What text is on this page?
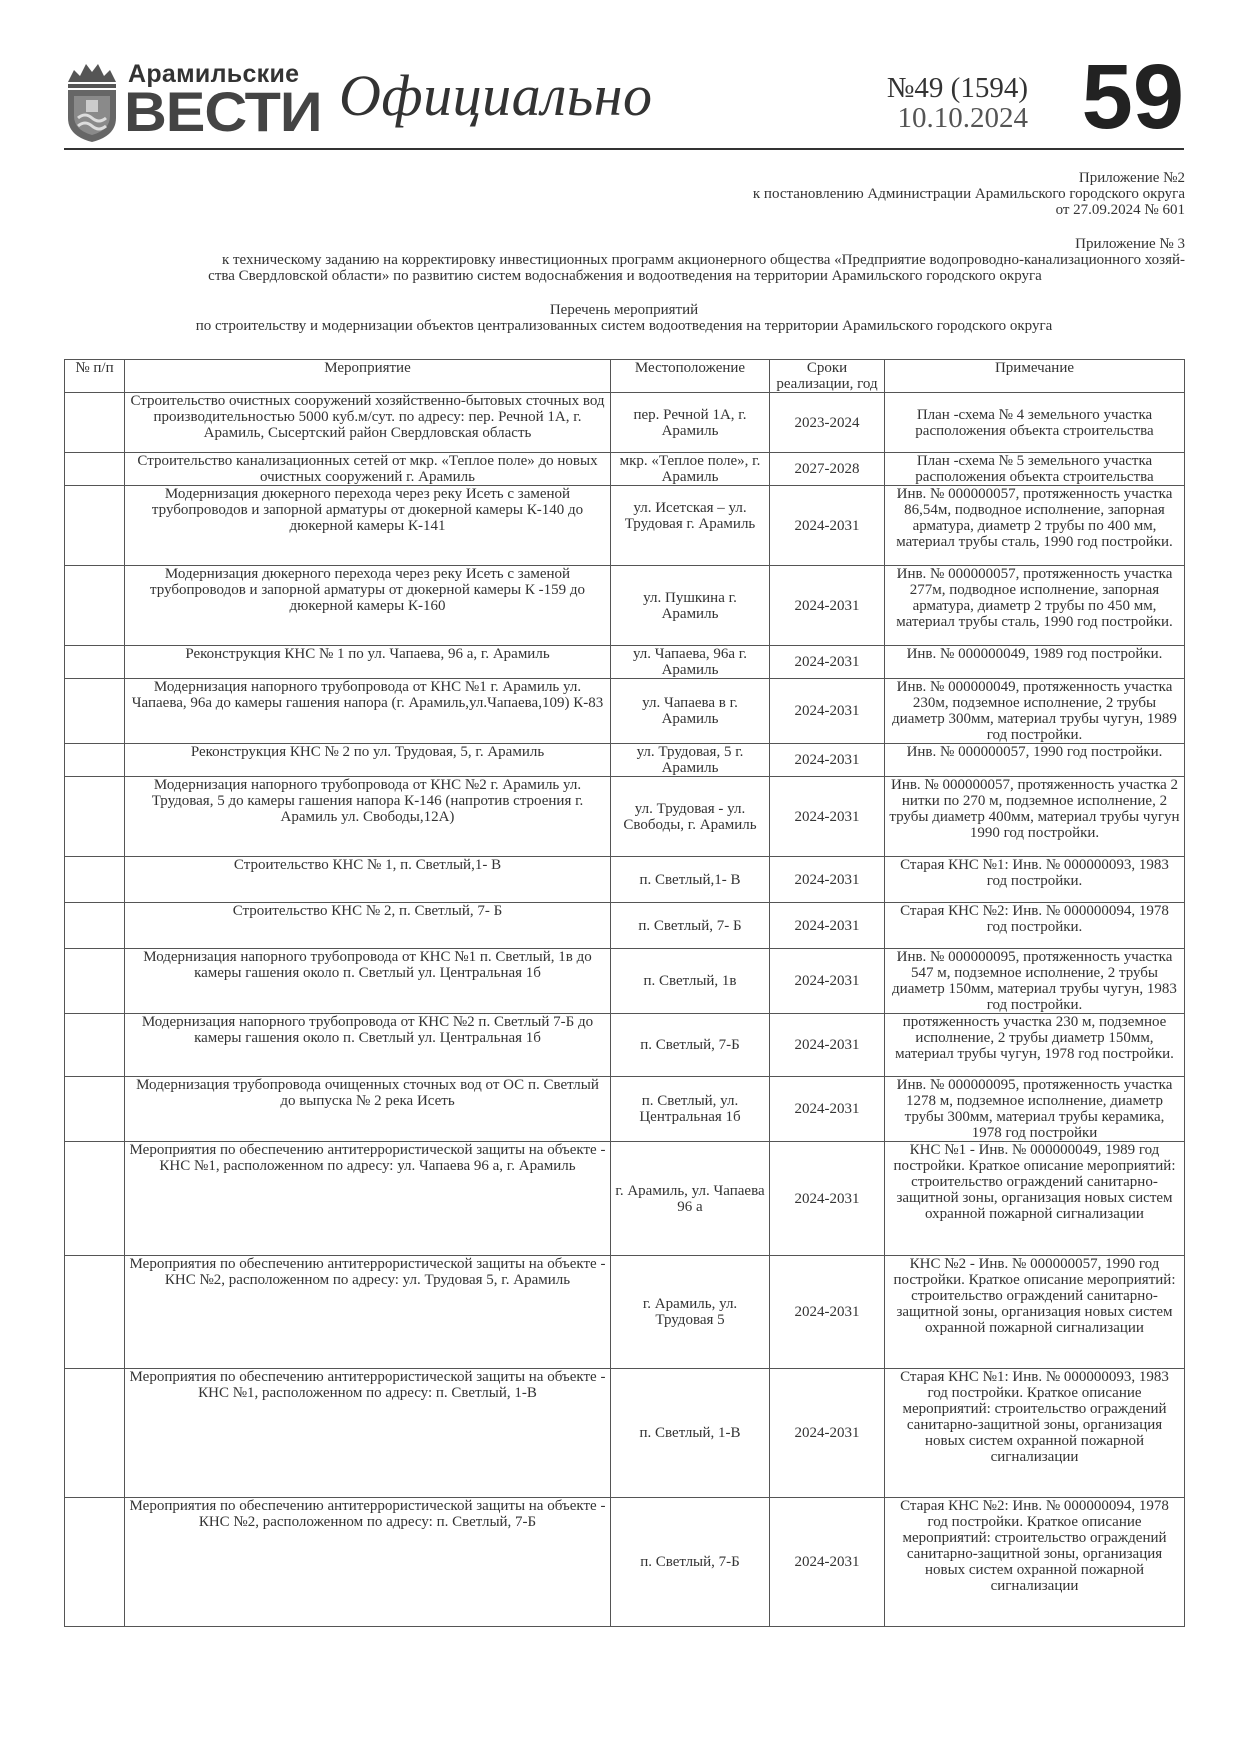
Арамильские
ВЕСТИ Официально	№49 (1594)
10.10.2024 59
Приложение №2
к постановлению Администрации Арамильского городского округа
от 27.09.2024 № 601
Приложение № 3
к техническому заданию на корректировку инвестиционных программ акционерного общества «Предприятие водопроводно-канализационного хозяй-
ства Свердловской области» по развитию систем водоснабжения и водоотведения на территории Арамильского городского округа
Перечень мероприятий
по строительству и модернизации объектов централизованных систем водоотведения на территории Арамильского городского округа
№ п/п	Мероприятие	Местоположение	Сроки реализации, год	Примечание
	Строительство очистных сооружений хозяйственно-бытовых сточных вод производительностью 5000 куб.м/сут. по адресу: пер. Речной 1А, г. Арамиль, Сысертский район Свердловская область	пер. Речной 1А, г. Арамиль	2023-2024	План -схема № 4 земельного участка расположения объекта строительства
	Строительство канализационных сетей от мкр. «Теплое поле» до новых очистных сооружений г. Арамиль	мкр. «Теплое поле», г. Арамиль	2027-2028	План -схема № 5 земельного участка расположения объекта строительства
	Модернизация дюкерного перехода через реку Исеть с заменой трубопроводов и запорной арматуры от дюкерной камеры К-140 до дюкерной камеры К-141	ул. Исетская – ул. Трудовая г. Арамиль	2024-2031	Инв. № 000000057, протяженность участка 86,54м, подводное исполнение, запорная арматура, диаметр 2 трубы по 400 мм, материал трубы сталь, 1990 год постройки.
	Модернизация дюкерного перехода через реку Исеть с заменой трубопроводов и запорной арматуры от дюкерной камеры К -159 до дюкерной камеры К-160	ул. Пушкина г. Арамиль	2024-2031	Инв. № 000000057, протяженность участка 277м, подводное исполнение, запорная арматура, диаметр 2 трубы по 450 мм, материал трубы сталь, 1990 год постройки.
	Реконструкция КНС № 1 по ул. Чапаева, 96 а, г. Арамиль	ул. Чапаева, 96а г. Арамиль	2024-2031	Инв. № 000000049, 1989 год постройки.
	Модернизация напорного трубопровода от КНС №1 г. Арамиль ул. Чапаева, 96а до камеры гашения напора (г. Арамиль,ул.Чапаева,109) К-83	ул. Чапаева в г. Арамиль	2024-2031	Инв. № 000000049, протяженность участка 230м, подземное исполнение, 2 трубы диаметр 300мм, материал трубы чугун, 1989 год постройки.
	Реконструкция КНС № 2 по ул. Трудовая, 5, г. Арамиль	ул. Трудовая, 5 г. Арамиль	2024-2031	Инв. № 000000057, 1990 год постройки.
	Модернизация напорного трубопровода от КНС №2 г. Арамиль ул. Трудовая, 5 до камеры гашения напора К-146 (напротив строения г. Арамиль ул. Свободы,12А)	ул. Трудовая - ул. Свободы, г. Арамиль	2024-2031	Инв. № 000000057, протяженность участка 2 нитки по 270 м, подземное исполнение, 2 трубы диаметр 400мм, материал трубы чугун 1990 год постройки.
	Строительство КНС № 1, п. Светлый,1- В	п. Светлый,1- В	2024-2031	Старая КНС №1: Инв. № 000000093, 1983 год постройки.
	Строительство КНС № 2, п. Светлый, 7- Б	п. Светлый, 7- Б	2024-2031	Старая КНС №2: Инв. № 000000094, 1978 год постройки.
	Модернизация напорного трубопровода от КНС №1 п. Светлый, 1в до камеры гашения около п. Светлый ул. Центральная 1б	п. Светлый, 1в	2024-2031	Инв. № 000000095, протяженность участка 547 м, подземное исполнение, 2 трубы диаметр 150мм, материал трубы чугун, 1983 год постройки.
	Модернизация напорного трубопровода от КНС №2 п. Светлый 7-Б до камеры гашения около п. Светлый ул. Центральная 1б	п. Светлый, 7-Б	2024-2031	протяженность участка 230 м, подземное исполнение, 2 трубы диаметр 150мм, материал трубы чугун, 1978 год постройки.
	Модернизация трубопровода очищенных сточных вод от ОС п. Светлый до выпуска № 2 река Исеть	п. Светлый, ул. Центральная 1б	2024-2031	Инв. № 000000095, протяженность участка 1278 м, подземное исполнение, диаметр трубы 300мм, материал трубы керамика, 1978 год постройки
	Мероприятия по обеспечению антитеррористической защиты на объекте - КНС №1, расположенном по адресу: ул. Чапаева 96 а, г. Арамиль	г. Арамиль, ул. Чапаева 96 а	2024-2031	КНС №1 - Инв. № 000000049, 1989 год постройки. Краткое описание мероприятий: строительство ограждений санитарно-защитной зоны, организация новых систем охранной пожарной сигнализации
	Мероприятия по обеспечению антитеррористической защиты на объекте - КНС №2, расположенном по адресу: ул. Трудовая 5, г. Арамиль	г. Арамиль, ул. Трудовая 5	2024-2031	КНС №2 - Инв. № 000000057, 1990 год постройки. Краткое описание мероприятий: строительство ограждений санитарно-защитной зоны, организация новых систем охранной пожарной сигнализации
	Мероприятия по обеспечению антитеррористической защиты на объекте - КНС №1, расположенном по адресу: п. Светлый, 1-В	п. Светлый, 1-В	2024-2031	Старая КНС №1: Инв. № 000000093, 1983 год постройки. Краткое описание мероприятий: строительство ограждений санитарно-защитной зоны, организация новых систем охранной пожарной сигнализации
	Мероприятия по обеспечению антитеррористической защиты на объекте - КНС №2, расположенном по адресу: п. Светлый, 7-Б	п. Светлый, 7-Б	2024-2031	Старая КНС №2: Инв. № 000000094, 1978 год постройки. Краткое описание мероприятий: строительство ограждений санитарно-защитной зоны, организация новых систем охранной пожарной сигнализации
